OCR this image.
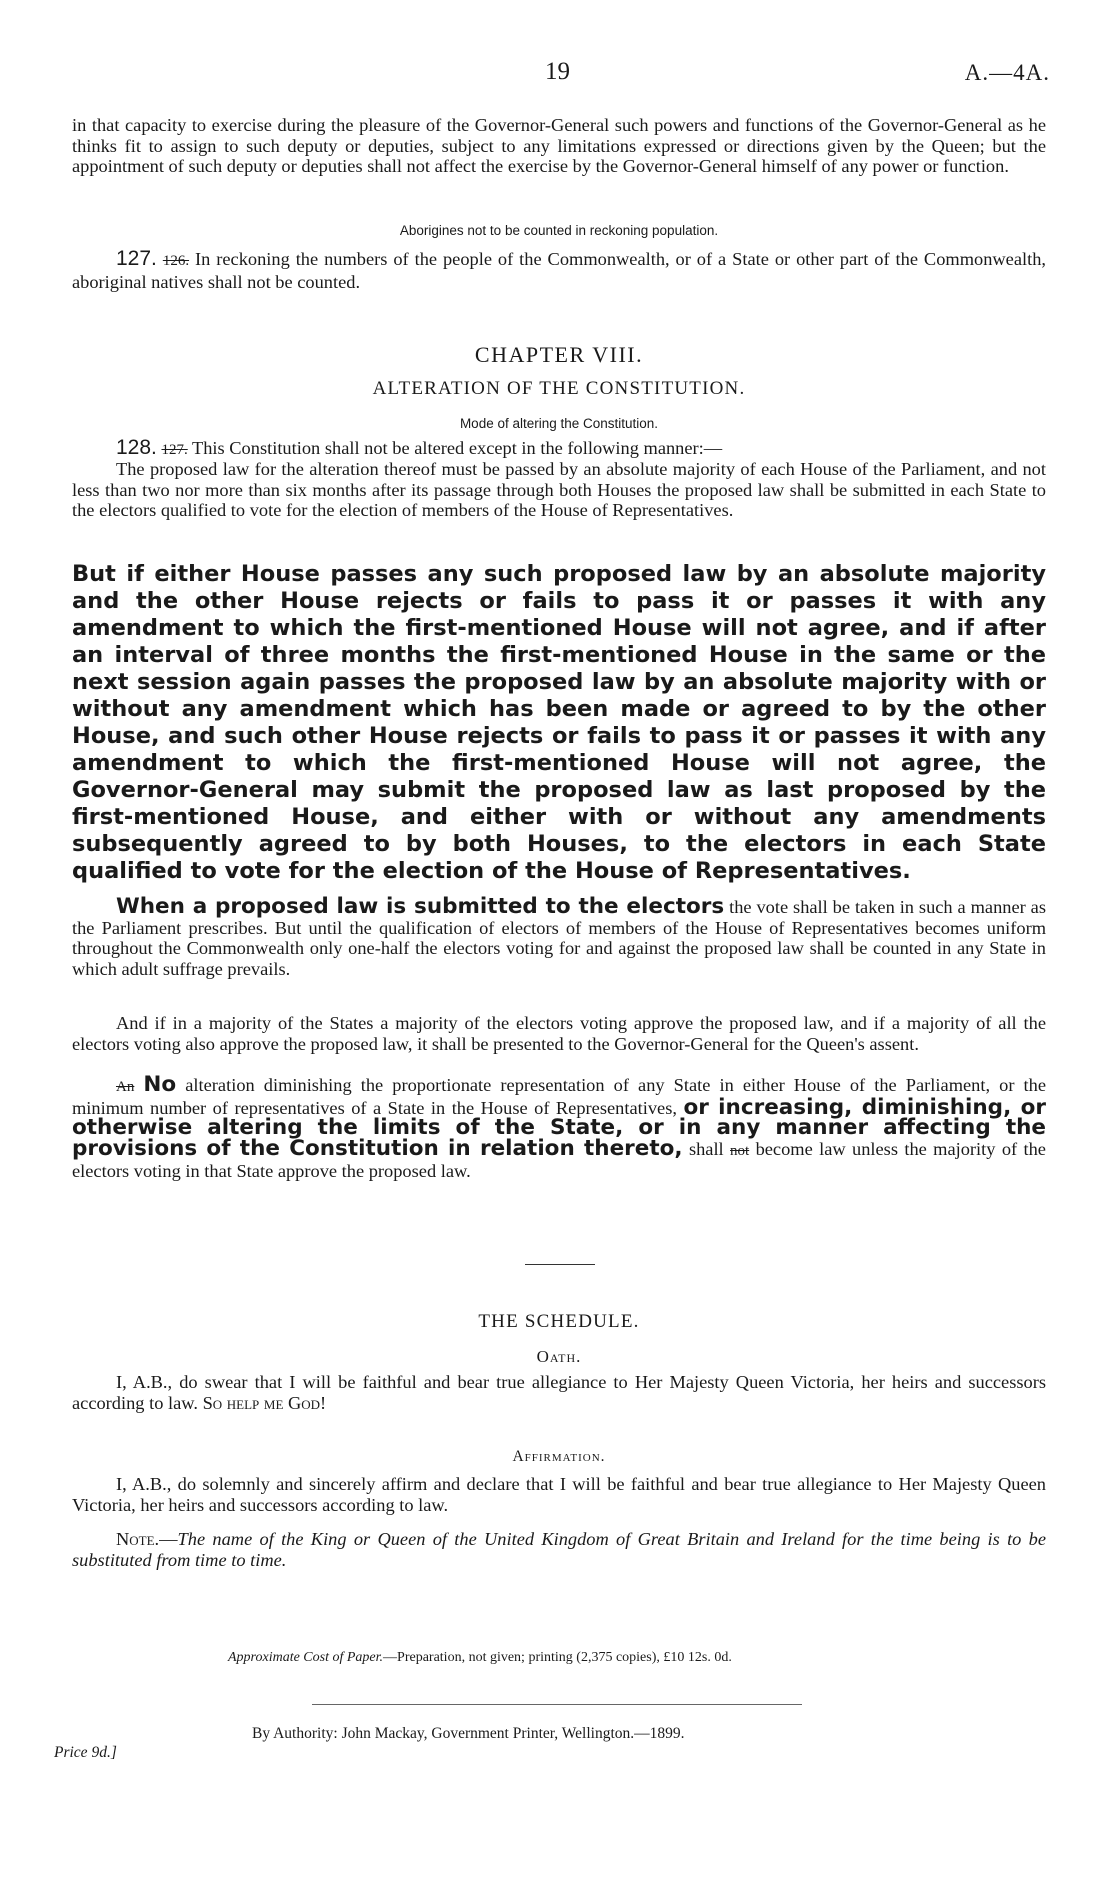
19	A.—4A.

in that capacity to exercise during the pleasure of the Governor-General such powers and functions of the Governor-General as he thinks fit to assign to such deputy or deputies, subject to any limitations expressed or directions given by the Queen; but the appointment of such deputy or deputies shall not affect the exercise by the Governor-General himself of any power or function.

Aborigines not to be counted in reckoning population.

127. 126. In reckoning the numbers of the people of the Commonwealth, or of a State or other part of the Commonwealth, aboriginal natives shall not be counted.

CHAPTER VIII.
ALTERATION OF THE CONSTITUTION.
Mode of altering the Constitution.

128. 127. This Constitution shall not be altered except in the following manner:—

The proposed law for the alteration thereof must be passed by an absolute majority of each House of the Parliament, and not less than two nor more than six months after its passage through both Houses the proposed law shall be submitted in each State to the electors qualified to vote for the election of members of the House of Representatives.

But if either House passes any such proposed law by an absolute majority and the other House rejects or fails to pass it or passes it with any amendment to which the first-mentioned House will not agree, and if after an interval of three months the first-mentioned House in the same or the next session again passes the proposed law by an absolute majority with or without any amendment which has been made or agreed to by the other House, and such other House rejects or fails to pass it or passes it with any amendment to which the first-mentioned House will not agree, the Governor-General may submit the proposed law as last proposed by the first-mentioned House, and either with or without any amendments subsequently agreed to by both Houses, to the electors in each State qualified to vote for the election of the House of Representatives.

When a proposed law is submitted to the electors the vote shall be taken in such a manner as the Parliament prescribes. But until the qualification of electors of members of the House of Representatives becomes uniform throughout the Commonwealth only one-half the electors voting for and against the proposed law shall be counted in any State in which adult suffrage prevails.

And if in a majority of the States a majority of the electors voting approve the proposed law, and if a majority of all the electors voting also approve the proposed law, it shall be presented to the Governor-General for the Queen's assent.

An No alteration diminishing the proportionate representation of any State in either House of the Parliament, or the minimum number of representatives of a State in the House of Representatives, or increasing, diminishing, or otherwise altering the limits of the State, or in any manner affecting the provisions of the Constitution in relation thereto, shall not become law unless the majority of the electors voting in that State approve the proposed law.

THE SCHEDULE.
Oath.

I, A.B., do swear that I will be faithful and bear true allegiance to Her Majesty Queen Victoria, her heirs and successors according to law. So help me God!

Affirmation.

I, A.B., do solemnly and sincerely affirm and declare that I will be faithful and bear true allegiance to Her Majesty Queen Victoria, her heirs and successors according to law.

Note.—The name of the King or Queen of the United Kingdom of Great Britain and Ireland for the time being is to be substituted from time to time.

Approximate Cost of Paper.—Preparation, not given; printing (2,375 copies), £10 12s. 0d.
By Authority: John Mackay, Government Printer, Wellington.—1899.
Price 9d.]
